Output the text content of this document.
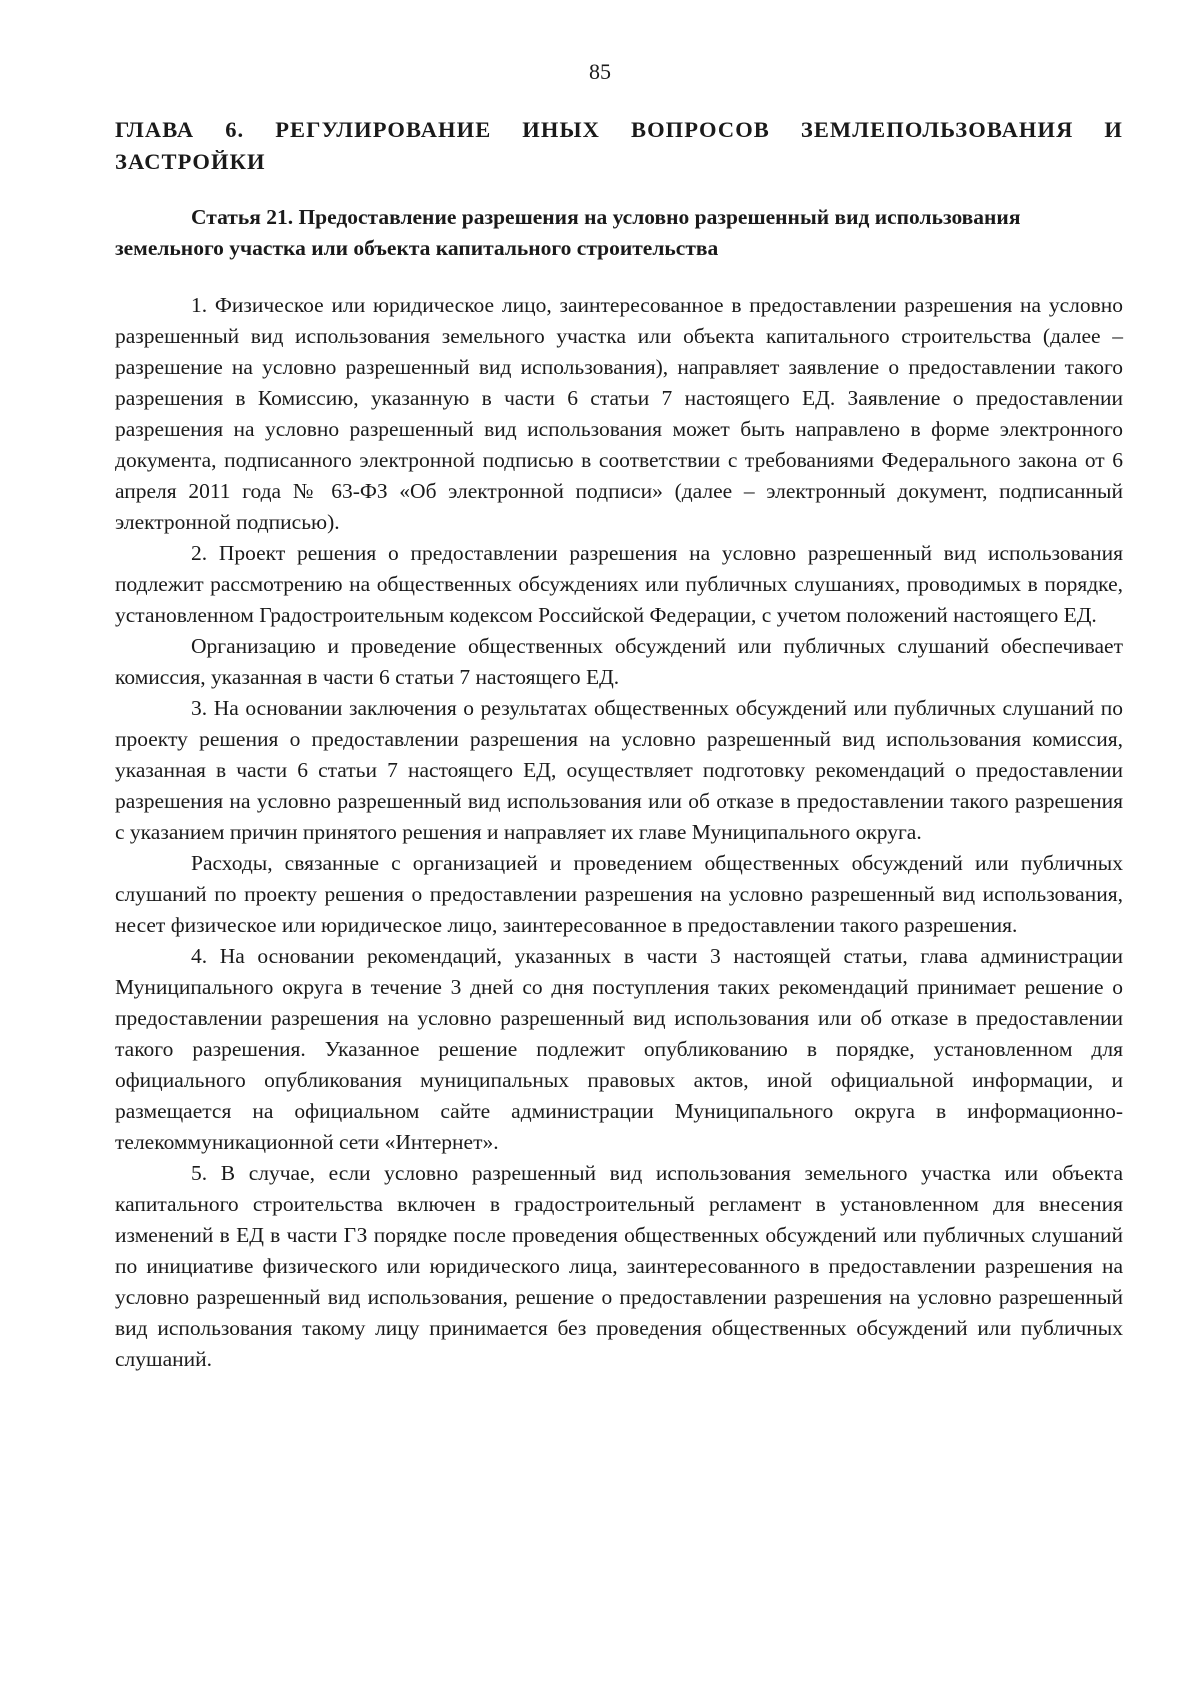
85
ГЛАВА 6. РЕГУЛИРОВАНИЕ ИНЫХ ВОПРОСОВ ЗЕМЛЕПОЛЬЗОВАНИЯ И ЗАСТРОЙКИ
Статья 21. Предоставление разрешения на условно разрешенный вид использования земельного участка или объекта капитального строительства

1. Физическое или юридическое лицо, заинтересованное в предоставлении разрешения на условно разрешенный вид использования земельного участка или объекта капитального строительства (далее – разрешение на условно разрешенный вид использования), направляет заявление о предоставлении такого разрешения в Комиссию, указанную в части 6 статьи 7 настоящего ЕД. Заявление о предоставлении разрешения на условно разрешенный вид использования может быть направлено в форме электронного документа, подписанного электронной подписью в соответствии с требованиями Федерального закона от 6 апреля 2011 года № 63-ФЗ «Об электронной подписи» (далее – электронный документ, подписанный электронной подписью).

2. Проект решения о предоставлении разрешения на условно разрешенный вид использования подлежит рассмотрению на общественных обсуждениях или публичных слушаниях, проводимых в порядке, установленном Градостроительным кодексом Российской Федерации, с учетом положений настоящего ЕД.

Организацию и проведение общественных обсуждений или публичных слушаний обеспечивает комиссия, указанная в части 6 статьи 7 настоящего ЕД.

3. На основании заключения о результатах общественных обсуждений или публичных слушаний по проекту решения о предоставлении разрешения на условно разрешенный вид использования комиссия, указанная в части 6 статьи 7 настоящего ЕД, осуществляет подготовку рекомендаций о предоставлении разрешения на условно разрешенный вид использования или об отказе в предоставлении такого разрешения с указанием причин принятого решения и направляет их главе Муниципального округа.

Расходы, связанные с организацией и проведением общественных обсуждений или публичных слушаний по проекту решения о предоставлении разрешения на условно разрешенный вид использования, несет физическое или юридическое лицо, заинтересованное в предоставлении такого разрешения.

4. На основании рекомендаций, указанных в части 3 настоящей статьи, глава администрации Муниципального округа в течение 3 дней со дня поступления таких рекомендаций принимает решение о предоставлении разрешения на условно разрешенный вид использования или об отказе в предоставлении такого разрешения. Указанное решение подлежит опубликованию в порядке, установленном для официального опубликования муниципальных правовых актов, иной официальной информации, и размещается на официальном сайте администрации Муниципального округа в информационно-телекоммуникационной сети «Интернет».

5. В случае, если условно разрешенный вид использования земельного участка или объекта капитального строительства включен в градостроительный регламент в установленном для внесения изменений в ЕД в части ГЗ порядке после проведения общественных обсуждений или публичных слушаний по инициативе физического или юридического лица, заинтересованного в предоставлении разрешения на условно разрешенный вид использования, решение о предоставлении разрешения на условно разрешенный вид использования такому лицу принимается без проведения общественных обсуждений или публичных слушаний.
